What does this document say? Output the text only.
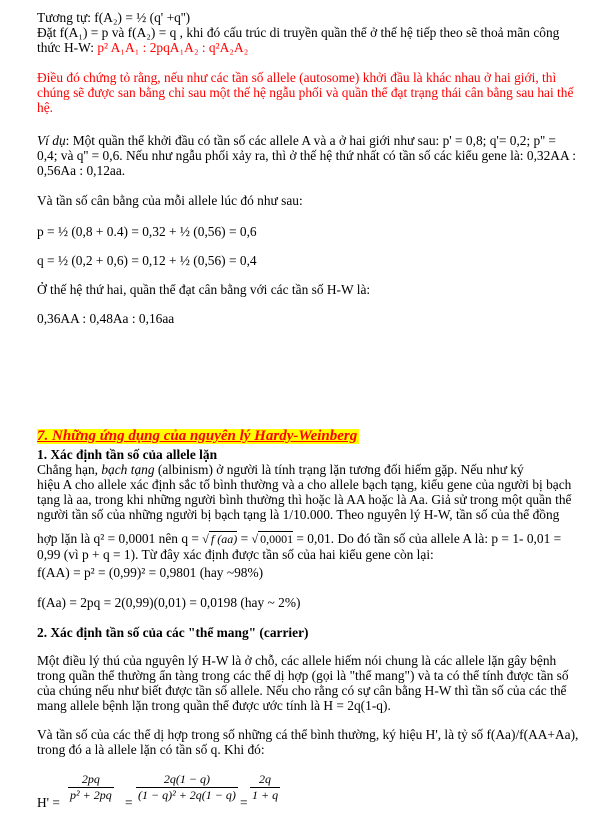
Tương tự: f(A₂) = ½ (q' +q'')
Đặt f(A₁) = p và f(A₂) = q , khi đó cấu trúc di truyền quần thể ở thế hệ tiếp theo sẽ thoả mãn công
thức H-W: p² A₁A₁ : 2pqA₁A₂ : q²A₂A₂
Điều đó chứng tỏ rằng, nếu như các tần số allele (autosome) khởi đầu là khác nhau ở hai giới, thì
chúng sẽ được san bằng chỉ sau một thế hệ ngẫu phối và quần thể đạt trạng thái cân bằng sau hai thế
hệ.
Ví dụ: Một quần thể khởi đầu có tần số các allele A và a ở hai giới như sau: p' = 0,8; q'= 0,2; p'' =
0,4; và q'' = 0,6. Nếu như ngẫu phối xảy ra, thì ở thế hệ thứ nhất có tần số các kiểu gene là: 0,32AA :
0,56Aa : 0,12aa.
Và tần số cân bằng của mỗi allele lúc đó như sau:
p = ½ (0,8 + 0.4) = 0,32 + ½ (0,56) = 0,6
q = ½ (0,2 + 0,6) = 0,12 + ½ (0,56) = 0,4
Ở thế hệ thứ hai, quần thể đạt cân bằng với các tần số H-W là:
0,36AA : 0,48Aa : 0,16aa
7. Những ứng dụng của nguyên lý Hardy-Weinberg
1. Xác định tần số của allele lặn
Chẳng hạn, bạch tạng (albinism) ở người là tính trạng lặn tương đối hiếm gặp. Nếu như ký
hiệu A cho allele xác định sắc tố bình thường và a cho allele bạch tạng, kiểu gene của người bị bạch
tạng là aa, trong khi những người bình thường thì hoặc là AA hoặc là Aa. Giả sử trong một quần thể
người tần số của những người bị bạch tạng là 1/10.000. Theo nguyên lý H-W, tần số của thể đồng
hợp lặn là q² = 0,0001 nên q = √ f (aa) = √ 0,0001 = 0,01. Do đó tần số của allele A là: p = 1- 0,01 =
0,99 (vì p + q = 1). Từ đây xác định được tần số của hai kiểu gene còn lại:
f(AA) = p² = (0,99)² = 0,9801 (hay ~98%)
f(Aa) = 2pq = 2(0,99)(0,01) = 0,0198 (hay ~ 2%)
2. Xác định tần số của các "thể mang" (carrier)
Một điều lý thú của nguyên lý H-W là ở chỗ, các allele hiếm nói chung là các allele lặn gây bệnh
trong quần thể thường ẩn tàng trong các thể dị hợp (gọi là "thể mang") và ta có thể tính được tần số
của chúng nếu như biết được tần số allele. Nếu cho rằng có sự cân bằng H-W thì tần số của các thể
mang allele bệnh lặn trong quần thể được ước tính là H = 2q(1-q).
Và tần số của các thể dị hợp trong số những cá thể bình thường, ký hiệu H', là tỷ số f(Aa)/f(AA+Aa),
trong đó a là allele lặn có tần số q. Khi đó:
$H' = \frac{2pq}{\text{p² + 2pq}} = \frac{2q(1 - q)}{\text{(1 − q)² + 2q(1 − q)}} = \frac{2q}{1 + q}$
